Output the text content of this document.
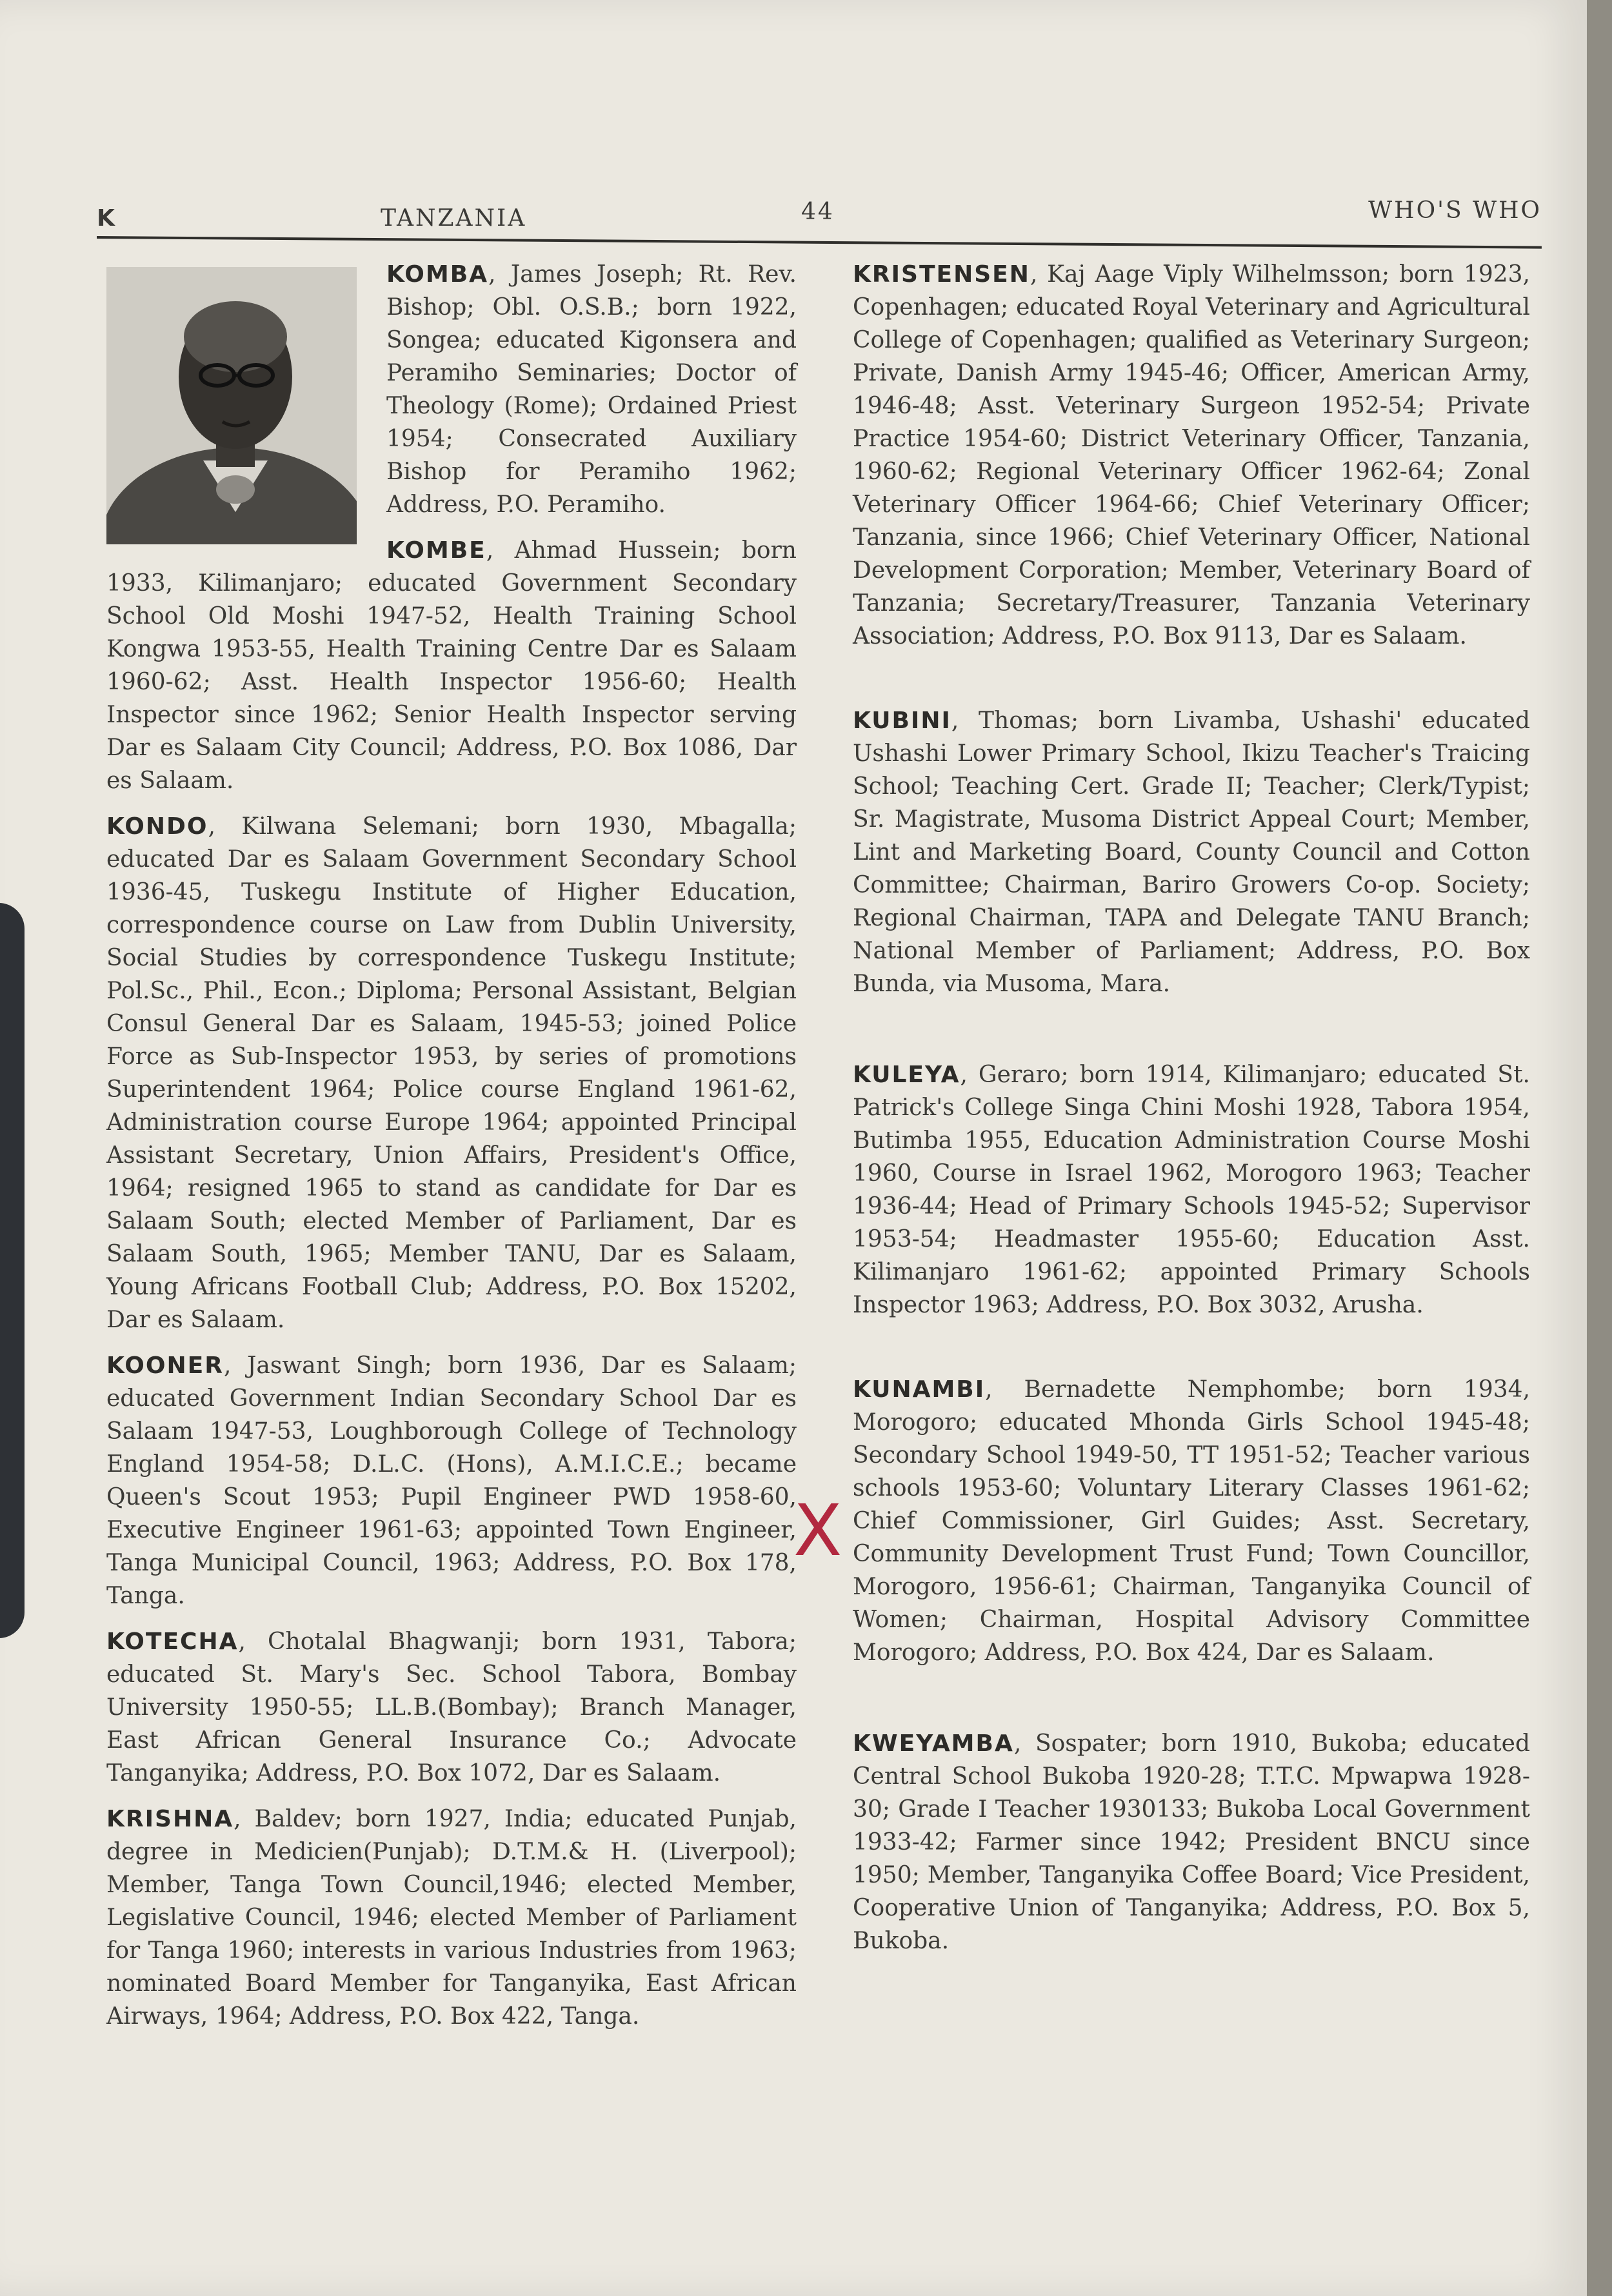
K	TANZANIA	44	WHO'S WHO

KOMBA, James Joseph; Rt. Rev. Bishop; Obl. O.S.B.; born 1922, Songea; educated Kigonsera and Peramiho Seminaries; Doctor of Theology (Rome); Ordained Priest 1954; Consecrated Auxiliary Bishop for Peramiho 1962; Address, P.O. Peramiho.

KOMBE, Ahmad Hussein; born 1933, Kilimanjaro; educated Government Secondary School Old Moshi 1947-52, Health Training School Kongwa 1953-55, Health Training Centre Dar es Salaam 1960-62; Asst. Health Inspector 1956-60; Health Inspector since 1962; Senior Health Inspector serving Dar es Salaam City Council; Address, P.O. Box 1086, Dar es Salaam.

KONDO, Kilwana Selemani; born 1930, Mbagalla; educated Dar es Salaam Government Secondary School 1936-45, Tuskegu Institute of Higher Education, correspondence course on Law from Dublin University, Social Studies by correspondence Tuskegu Institute; Pol.Sc., Phil., Econ.; Diploma; Personal Assistant, Belgian Consul General Dar es Salaam, 1945-53; joined Police Force as Sub-Inspector 1953, by series of promotions Superintendent 1964; Police course England 1961-62, Administration course Europe 1964; appointed Principal Assistant Secretary, Union Affairs, President's Office, 1964; resigned 1965 to stand as candidate for Dar es Salaam South; elected Member of Parliament, Dar es Salaam South, 1965; Member TANU, Dar es Salaam, Young Africans Football Club; Address, P.O. Box 15202, Dar es Salaam.

KOONER, Jaswant Singh; born 1936, Dar es Salaam; educated Government Indian Secondary School Dar es Salaam 1947-53, Loughborough College of Technology England 1954-58; D.L.C. (Hons), A.M.I.C.E.; became Queen's Scout 1953; Pupil Engineer PWD 1958-60, Executive Engineer 1961-63; appointed Town Engineer, Tanga Municipal Council, 1963; Address, P.O. Box 178, Tanga.

KOTECHA, Chotalal Bhagwanji; born 1931, Tabora; educated St. Mary's Sec. School Tabora, Bombay University 1950-55; LL.B.(Bombay); Branch Manager, East African General Insurance Co.; Advocate Tanganyika; Address, P.O. Box 1072, Dar es Salaam.

KRISHNA, Baldev; born 1927, India; educated Punjab, degree in Medicien(Punjab); D.T.M.& H. (Liverpool); Member, Tanga Town Council,1946; elected Member, Legislative Council, 1946; elected Member of Parliament for Tanga 1960; interests in various Industries from 1963; nominated Board Member for Tanganyika, East African Airways, 1964; Address, P.O. Box 422, Tanga.

KRISTENSEN, Kaj Aage Viply Wilhelmsson; born 1923, Copenhagen; educated Royal Veterinary and Agricultural College of Copenhagen; qualified as Veterinary Surgeon; Private, Danish Army 1945-46; Officer, American Army, 1946-48; Asst. Veterinary Surgeon 1952-54; Private Practice 1954-60; District Veterinary Officer, Tanzania, 1960-62; Regional Veterinary Officer 1962-64; Zonal Veterinary Officer 1964-66; Chief Veterinary Officer; Tanzania, since 1966; Chief Veterinary Officer, National Development Corporation; Member, Veterinary Board of Tanzania; Secretary/Treasurer, Tanzania Veterinary Association; Address, P.O. Box 9113, Dar es Salaam.

KUBINI, Thomas; born Livamba, Ushashi' educated Ushashi Lower Primary School, Ikizu Teacher's Traicing School; Teaching Cert. Grade II; Teacher; Clerk/Typist; Sr. Magistrate, Musoma District Appeal Court; Member, Lint and Marketing Board, County Council and Cotton Committee; Chairman, Bariro Growers Co-op. Society; Regional Chairman, TAPA and Delegate TANU Branch; National Member of Parliament; Address, P.O. Box Bunda, via Musoma, Mara.

KULEYA, Geraro; born 1914, Kilimanjaro; educated St. Patrick's College Singa Chini Moshi 1928, Tabora 1954, Butimba 1955, Education Administration Course Moshi 1960, Course in Israel 1962, Morogoro 1963; Teacher 1936-44; Head of Primary Schools 1945-52; Supervisor 1953-54; Headmaster 1955-60; Education Asst. Kilimanjaro 1961-62; appointed Primary Schools Inspector 1963; Address, P.O. Box 3032, Arusha.

KUNAMBI, Bernadette Nemphombe; born 1934, Morogoro; educated Mhonda Girls School 1945-48; Secondary School 1949-50, TT 1951-52; Teacher various schools 1953-60; Voluntary Literary Classes 1961-62; Chief Commissioner, Girl Guides; Asst. Secretary, Community Development Trust Fund; Town Councillor, Morogoro, 1956-61; Chairman, Tanganyika Council of Women; Chairman, Hospital Advisory Committee Morogoro; Address, P.O. Box 424, Dar es Salaam.

KWEYAMBA, Sospater; born 1910, Bukoba; educated Central School Bukoba 1920-28; T.T.C. Mpwapwa 1928-30; Grade I Teacher 1930133; Bukoba Local Government 1933-42; Farmer since 1942; President BNCU since 1950; Member, Tanganyika Coffee Board; Vice President, Cooperative Union of Tanganyika; Address, P.O. Box 5, Bukoba.

X
